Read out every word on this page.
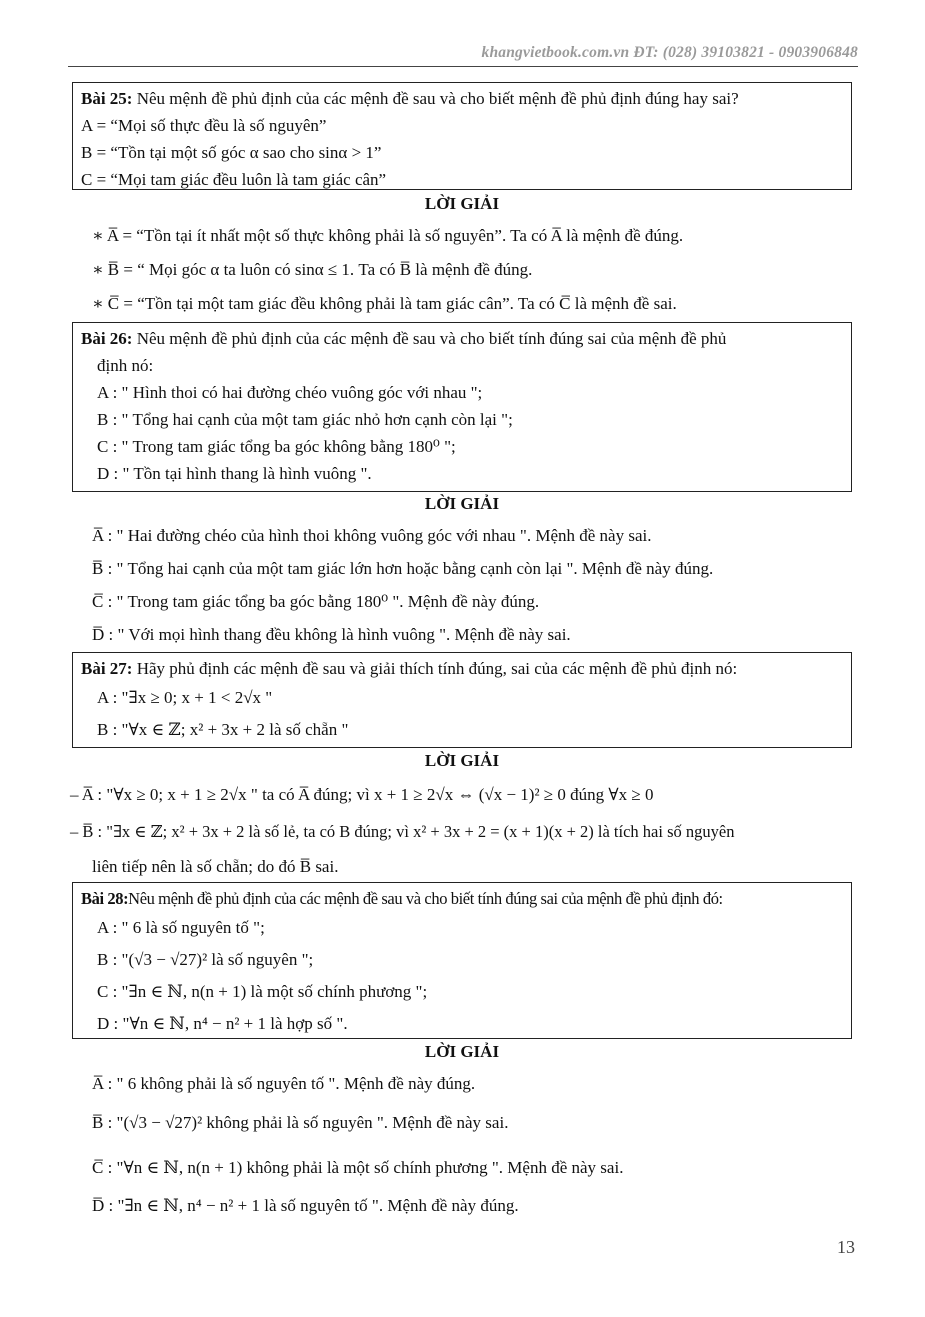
khangvietbook.com.vn ĐT: (028) 39103821 - 0903906848
Bài 25: Nêu mệnh đề phủ định của các mệnh đề sau và cho biết mệnh đề phủ định đúng hay sai?
A = “Mọi số thực đều là số nguyên”
B = “Tồn tại một số góc α sao cho sinα > 1”
C = “Mọi tam giác đều luôn là tam giác cân”
LỜI GIẢI
∗ A̅ = “Tồn tại ít nhất một số thực không phải là số nguyên”. Ta có A̅ là mệnh đề đúng.
∗ B̅ = “ Mọi góc α ta luôn có sinα ≤ 1. Ta có B̅ là mệnh đề đúng.
∗ C̅ = “Tồn tại một tam giác đều không phải là tam giác cân”. Ta có C̅ là mệnh đề sai.
Bài 26: Nêu mệnh đề phủ định của các mệnh đề sau và cho biết tính đúng sai của mệnh đề phủ
định nó:
A : " Hình thoi có hai đường chéo vuông góc với nhau ";
B : " Tổng hai cạnh của một tam giác nhỏ hơn cạnh còn lại ";
C : " Trong tam giác tổng ba góc không bằng 180⁰ ";
D : " Tồn tại hình thang là hình vuông ".
LỜI GIẢI
A̅ : " Hai đường chéo của hình thoi không vuông góc với nhau ". Mệnh đề này sai.
B̅ : " Tổng hai cạnh của một tam giác lớn hơn hoặc bằng cạnh còn lại ". Mệnh đề này đúng.
C̅ : " Trong tam giác tổng ba góc bằng 180⁰ ". Mệnh đề này đúng.
D̅ : " Với mọi hình thang đều không là hình vuông ". Mệnh đề này sai.
Bài 27: Hãy phủ định các mệnh đề sau và giải thích tính đúng, sai của các mệnh đề phủ định nó:
A : "∃x ≥ 0; x + 1 < 2√x "
B : "∀x ∈ ℤ; x² + 3x + 2 là số chẵn "
LỜI GIẢI
– A̅ : "∀x ≥ 0; x + 1 ≥ 2√x " ta có A̅ đúng; vì x + 1 ≥ 2√x ⇔ (√x − 1)² ≥ 0 đúng ∀x ≥ 0
– B̅ : "∃x ∈ ℤ; x² + 3x + 2 là số lẻ, ta có B đúng; vì x² + 3x + 2 = (x + 1)(x + 2) là tích hai số nguyên
liên tiếp nên là số chẵn; do đó B̅ sai.
Bài 28:Nêu mệnh đề phủ định của các mệnh đề sau và cho biết tính đúng sai của mệnh đề phủ định đó:
A : " 6 là số nguyên tố ";
B : "(√3 − √27)² là số nguyên ";
C : "∃n ∈ ℕ, n(n + 1) là một số chính phương ";
D : "∀n ∈ ℕ, n⁴ − n² + 1 là hợp số ".
LỜI GIẢI
A̅ : " 6 không phải là số nguyên tố ". Mệnh đề này đúng.
B̅ : "(√3 − √27)² không phải là số nguyên ". Mệnh đề này sai.
C̅ : "∀n ∈ ℕ, n(n + 1) không phải là một số chính phương ". Mệnh đề này sai.
D̅ : "∃n ∈ ℕ, n⁴ − n² + 1 là số nguyên tố ". Mệnh đề này đúng.
13
